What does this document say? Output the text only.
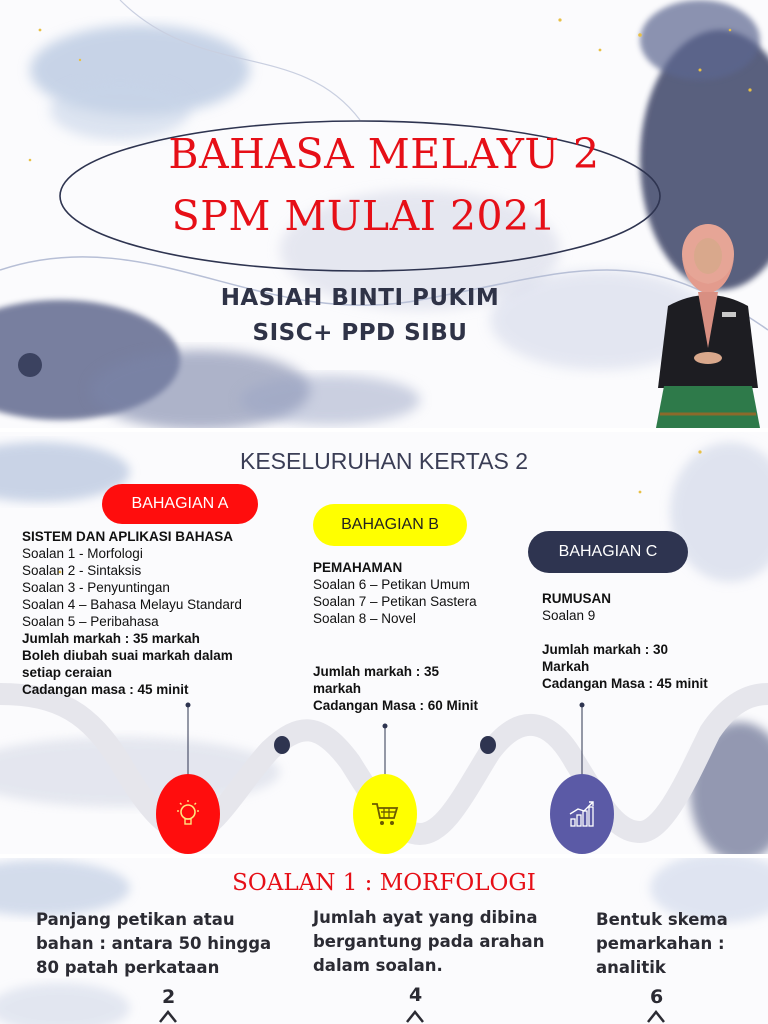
BAHASA MELAYU 2
SPM MULAI 2021
HASIAH BINTI PUKIM
SISC+ PPD SIBU
KESELURUHAN KERTAS 2
BAHAGIAN A
SISTEM DAN APLIKASI BAHASA
Soalan 1 - Morfologi
Soalan 2 - Sintaksis
Soalan 3 - Penyuntingan
Soalan 4 – Bahasa Melayu Standard
Soalan 5 – Peribahasa
Jumlah markah : 35 markah
Boleh diubah suai markah dalam
setiap ceraian
Cadangan masa : 45 minit
BAHAGIAN B
PEMAHAMAN
Soalan 6 – Petikan Umum
Soalan 7 – Petikan Sastera
Soalan 8 – Novel
Jumlah markah : 35
markah
Cadangan Masa : 60 Minit
BAHAGIAN C
RUMUSAN
Soalan 9
Jumlah markah : 30
Markah
Cadangan Masa : 45 minit
SOALAN 1 : MORFOLOGI
Panjang petikan atau
bahan : antara 50 hingga
80 patah perkataan
Jumlah ayat yang dibina
bergantung pada arahan
dalam soalan.
Bentuk skema
pemarkahan :
analitik
2	4	6
